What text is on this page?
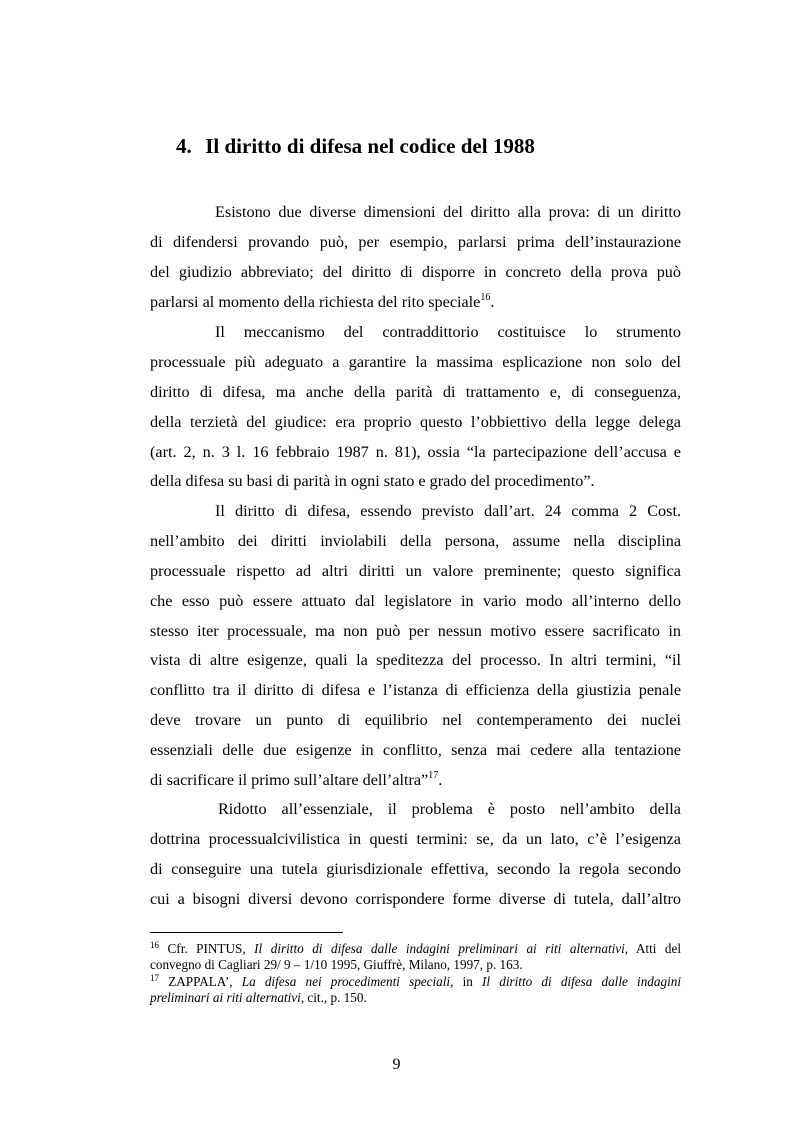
4. Il diritto di difesa nel codice del 1988
Esistono due diverse dimensioni del diritto alla prova: di un diritto
di difendersi provando può, per esempio, parlarsi prima dell’instaurazione
del giudizio abbreviato; del diritto di disporre in concreto della prova può
parlarsi al momento della richiesta del rito speciale$^{16}$.
Il meccanismo del contraddittorio costituisce lo strumento
processuale più adeguato a garantire la massima esplicazione non solo del
diritto di difesa, ma anche della parità di trattamento e, di conseguenza,
della terzietà del giudice: era proprio questo l’obbiettivo della legge delega
(art. 2, n. 3 l. 16 febbraio 1987 n. 81), ossia “la partecipazione dell’accusa e
della difesa su basi di parità in ogni stato e grado del procedimento”.
Il diritto di difesa, essendo previsto dall’art. 24 comma 2 Cost.
nell’ambito dei diritti inviolabili della persona, assume nella disciplina
processuale rispetto ad altri diritti un valore preminente; questo significa
che esso può essere attuato dal legislatore in vario modo all’interno dello
stesso iter processuale, ma non può per nessun motivo essere sacrificato in
vista di altre esigenze, quali la speditezza del processo. In altri termini, “il
conflitto tra il diritto di difesa e l’istanza di efficienza della giustizia penale
deve trovare un punto di equilibrio nel contemperamento dei nuclei
essenziali delle due esigenze in conflitto, senza mai cedere alla tentazione
di sacrificare il primo sull’altare dell’altra”$^{17}$.
Ridotto all’essenziale, il problema è posto nell’ambito della
dottrina processualcivilistica in questi termini: se, da un lato, c’è l’esigenza
di conseguire una tutela giurisdizionale effettiva, secondo la regola secondo
cui a bisogni diversi devono corrispondere forme diverse di tutela, dall’altro
$^{16}$ Cfr. PINTUS, Il diritto di difesa dalle indagini preliminari ai riti alternativi, Atti del
convegno di Cagliari 29/ 9 – 1/10 1995, Giuffrè, Milano, 1997, p. 163.
$^{17}$ ZAPPALA’, La difesa nei procedimenti speciali, in Il diritto di difesa dalle indagini
preliminari ai riti alternativi, cit., p. 150.
9
